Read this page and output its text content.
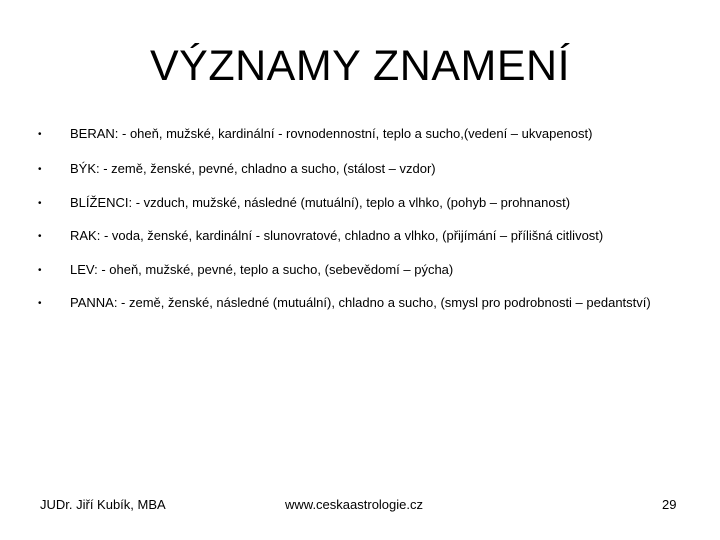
VÝZNAMY ZNAMENÍ
• BERAN: - oheň, mužské, kardinální - rovnodennostní, teplo a sucho,(vedení – ukvapenost)
• BÝK: - země, ženské, pevné, chladno a sucho, (stálost – vzdor)
• BLÍŽENCI: - vzduch, mužské, následné (mutuální), teplo a vlhko, (pohyb – prohnanost)
• RAK: - voda, ženské, kardinální - slunovratové, chladno a vlhko, (přijímání – přílišná citlivost)
• LEV: - oheň, mužské, pevné, teplo a sucho, (sebevědomí – pýcha)
• PANNA: - země, ženské, následné (mutuální), chladno a sucho, (smysl pro podrobnosti – pedantství)
JUDr. Jiří Kubík, MBA	www.ceskaastrologie.cz	29
